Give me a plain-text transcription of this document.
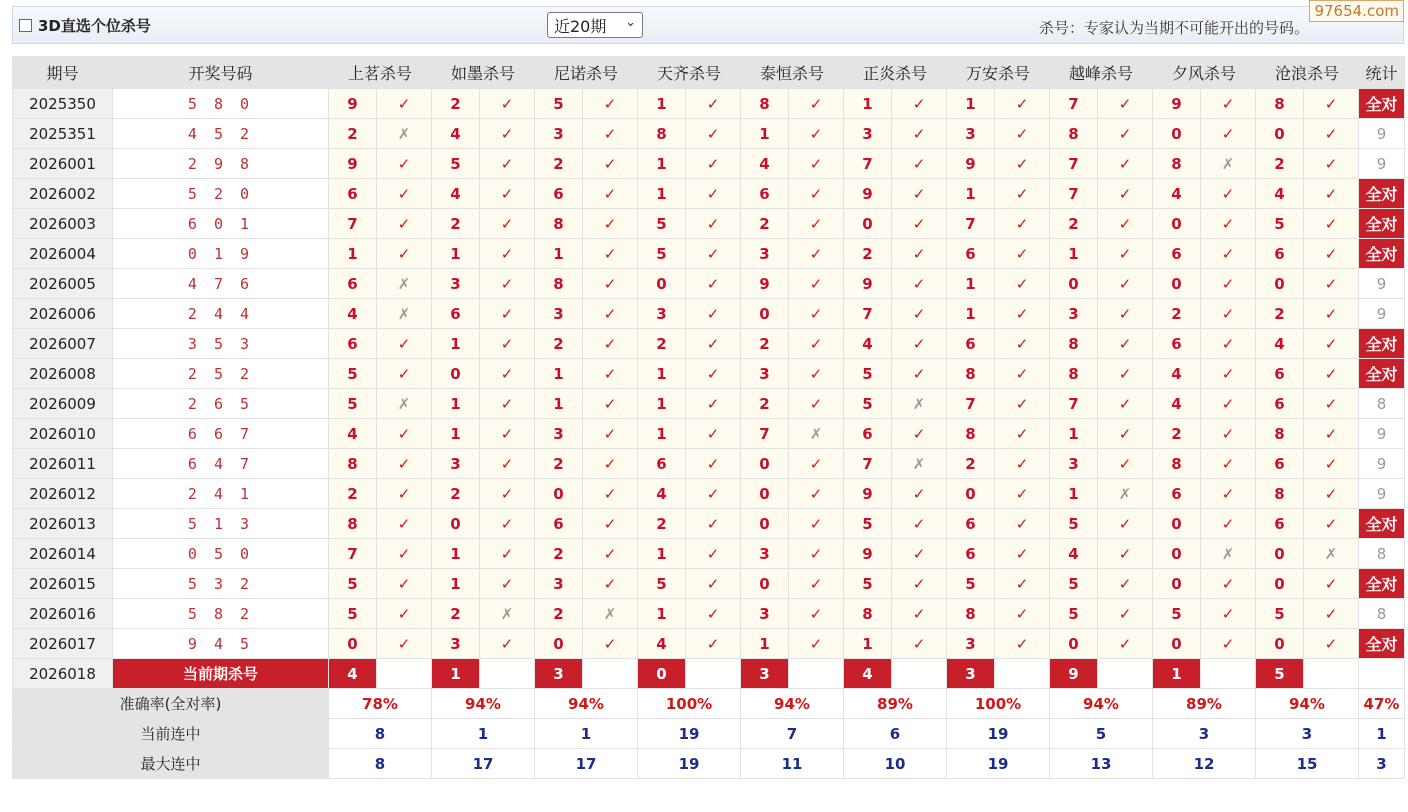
3D直选个位杀号	近20期 ⌄	杀号：专家认为当期不可能开出的号码。
97654.com
期号	开奖号码	上茗杀号		如墨杀号		尼诺杀号		天齐杀号		泰恒杀号		正炎杀号		万安杀号		越峰杀号		夕风杀号		沧浪杀号		统计
2025350	5 8 0	9	✓	2	✓	5	✓	1	✓	8	✓	1	✓	1	✓	7	✓	9	✓	8	✓	全对
2025351	4 5 2	2	✗	4	✓	3	✓	8	✓	1	✓	3	✓	3	✓	8	✓	0	✓	0	✓	9
2026001	2 9 8	9	✓	5	✓	2	✓	1	✓	4	✓	7	✓	9	✓	7	✓	8	✗	2	✓	9
2026002	5 2 0	6	✓	4	✓	6	✓	1	✓	6	✓	9	✓	1	✓	7	✓	4	✓	4	✓	全对
2026003	6 0 1	7	✓	2	✓	8	✓	5	✓	2	✓	0	✓	7	✓	2	✓	0	✓	5	✓	全对
2026004	0 1 9	1	✓	1	✓	1	✓	5	✓	3	✓	2	✓	6	✓	1	✓	6	✓	6	✓	全对
2026005	4 7 6	6	✗	3	✓	8	✓	0	✓	9	✓	9	✓	1	✓	0	✓	0	✓	0	✓	9
2026006	2 4 4	4	✗	6	✓	3	✓	3	✓	0	✓	7	✓	1	✓	3	✓	2	✓	2	✓	9
2026007	3 5 3	6	✓	1	✓	2	✓	2	✓	2	✓	4	✓	6	✓	8	✓	6	✓	4	✓	全对
2026008	2 5 2	5	✓	0	✓	1	✓	1	✓	3	✓	5	✓	8	✓	8	✓	4	✓	6	✓	全对
2026009	2 6 5	5	✗	1	✓	1	✓	1	✓	2	✓	5	✗	7	✓	7	✓	4	✓	6	✓	8
2026010	6 6 7	4	✓	1	✓	3	✓	1	✓	7	✗	6	✓	8	✓	1	✓	2	✓	8	✓	9
2026011	6 4 7	8	✓	3	✓	2	✓	6	✓	0	✓	7	✗	2	✓	3	✓	8	✓	6	✓	9
2026012	2 4 1	2	✓	2	✓	0	✓	4	✓	0	✓	9	✓	0	✓	1	✗	6	✓	8	✓	9
2026013	5 1 3	8	✓	0	✓	6	✓	2	✓	0	✓	5	✓	6	✓	5	✓	0	✓	6	✓	全对
2026014	0 5 0	7	✓	1	✓	2	✓	1	✓	3	✓	9	✓	6	✓	4	✓	0	✗	0	✗	8
2026015	5 3 2	5	✓	1	✓	3	✓	5	✓	0	✓	5	✓	5	✓	5	✓	0	✓	0	✓	全对
2026016	5 8 2	5	✓	2	✗	2	✗	1	✓	3	✓	8	✓	8	✓	5	✓	5	✓	5	✓	8
2026017	9 4 5	0	✓	3	✓	0	✓	4	✓	1	✓	1	✓	3	✓	0	✓	0	✓	0	✓	全对
2026018	当前期杀号	4		1		3		0		3		4		3		9		1		5		
准确率(全对率)		78%		94%		94%		100%		94%		89%		100%		94%		89%		94%		47%
当前连中		8		1		1		19		7		6		19		5		3		3		1
最大连中		8		17		17		19		11		10		19		13		12		15		3
